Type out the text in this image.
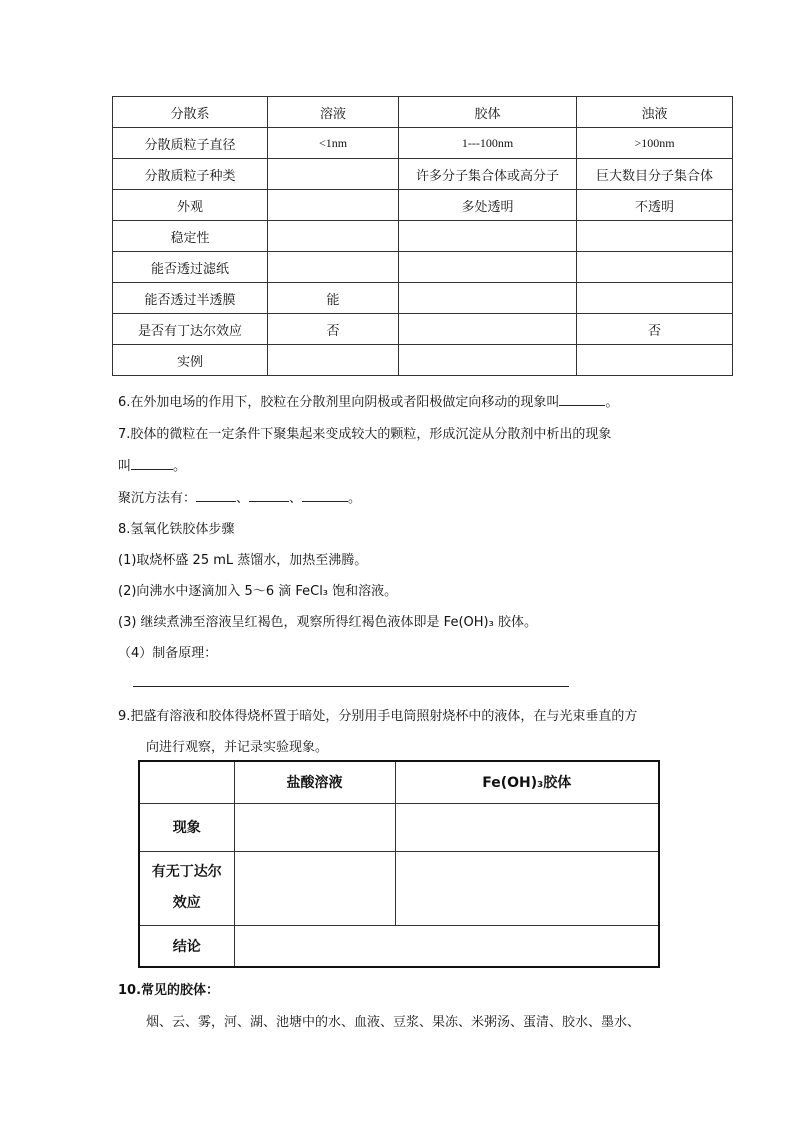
分散系	溶液	胶体	浊液
分散质粒子直径	<1nm	1---100nm	>100nm
分散质粒子种类		许多分子集合体或高分子	巨大数目分子集合体
外观		多处透明	不透明
稳定性			
能否透过滤纸			
能否透过半透膜	能		
是否有丁达尔效应	否		否
实例			
6.在外加电场的作用下，胶粒在分散剂里向阴极或者阳极做定向移动的现象叫	。
7.胶体的微粒在一定条件下聚集起来变成较大的颗粒，形成沉淀从分散剂中析出的现象
叫	。
聚沉方法有：	、	、	。
8.氢氧化铁胶体步骤
(1)取烧杯盛 25 mL 蒸馏水，加热至沸腾。
(2)向沸水中逐滴加入 5～6 滴 FeCl₃ 饱和溶液。
(3) 继续煮沸至溶液呈红褐色，观察所得红褐色液体即是 Fe(OH)₃ 胶体。
（4）制备原理：
9.把盛有溶液和胶体得烧杯置于暗处，分别用手电筒照射烧杯中的液体，在与光束垂直的方
向进行观察，并记录实验现象。
	盐酸溶液	Fe(OH)₃胶体
现象		
有无丁达尔
效应		
结论		
10.常见的胶体：
烟、云、雾，河、湖、池塘中的水、血液、豆浆、果冻、米粥汤、蛋清、胶水、墨水、
